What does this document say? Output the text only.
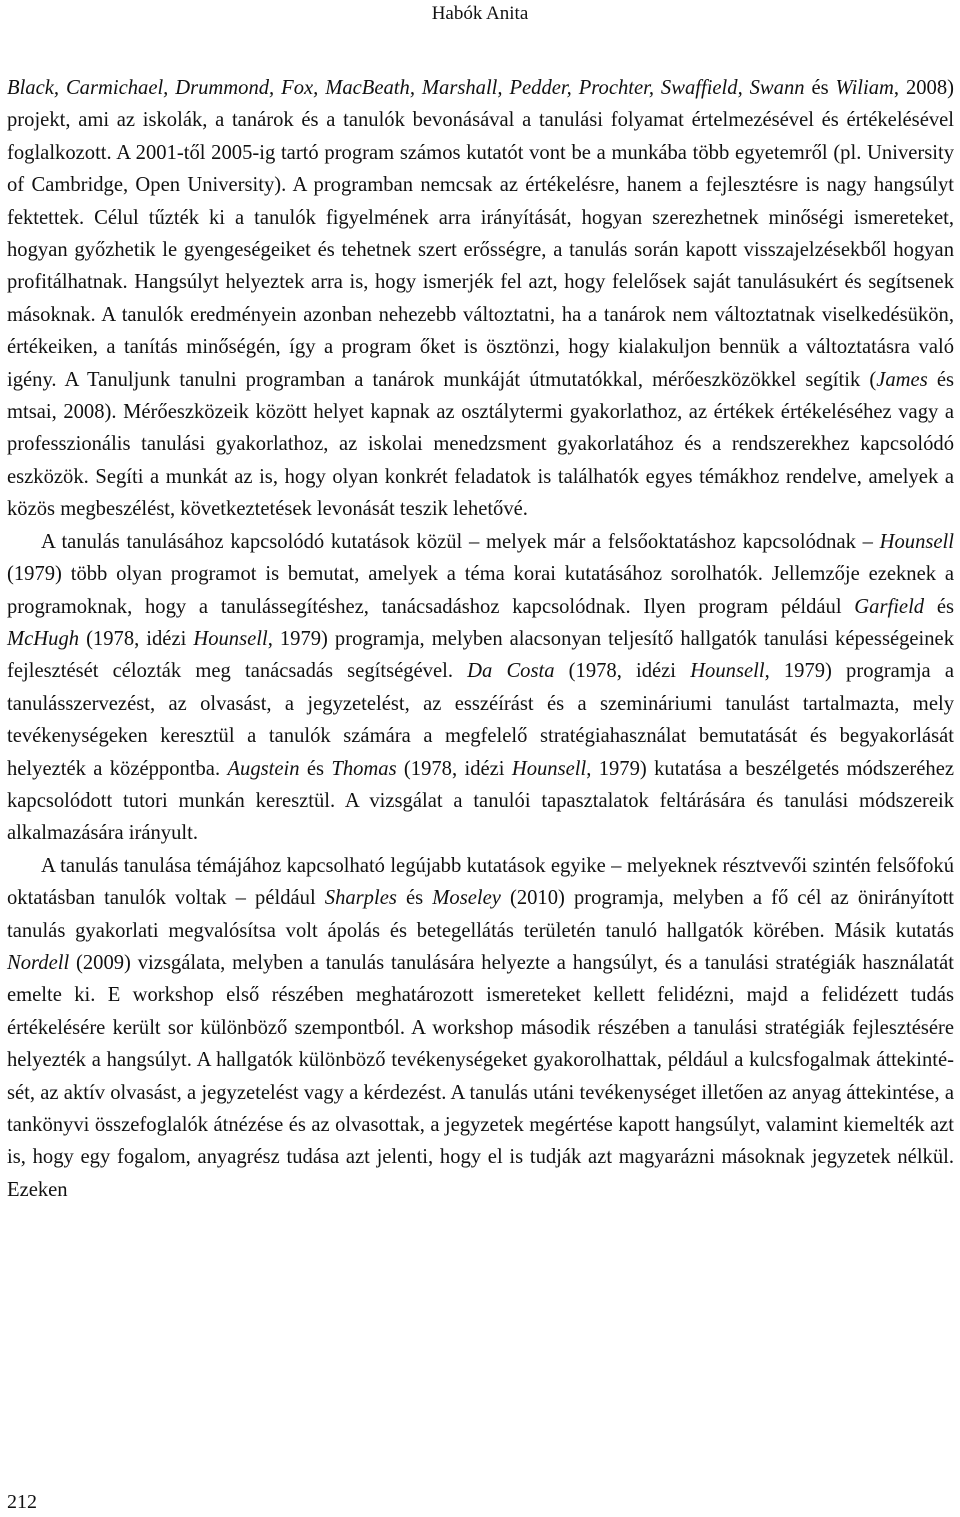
Habók Anita

Black, Carmichael, Drummond, Fox, MacBeath, Marshall, Pedder, Prochter, Swaffield, Swann és Wiliam, 2008) projekt, ami az iskolák, a tanárok és a tanulók bevonásával a tanulási folyamat értelmezésével és értékelésével foglalkozott. A 2001-től 2005-ig tartó program számos kutatót vont be a munkába több egyetemről (pl. University of Cambridge, Open University). A programban nemcsak az értékelésre, hanem a fejlesztésre is nagy hangsúlyt fektettek. Célul tűzték ki a tanulók figyelmének arra irányítását, hogyan szerezhetnek minőségi ismereteket, hogyan győzhetik le gyengeségeiket és tehetnek szert erősségre, a tanulás során kapott visszajelzésekből hogyan profitálhatnak. Hangsúlyt helyeztek arra is, hogy ismerjék fel azt, hogy felelősek saját tanulásukért és segítsenek másoknak. A tanulók eredményein azonban nehezebb változtatni, ha a tanárok nem változtatnak viselkedésükön, értékeiken, a tanítás minőségén, így a program őket is ösztönzi, hogy kialakuljon bennük a változtatásra való igény. A Tanuljunk tanulni programban a tanárok munkáját útmutatókkal, mérőeszközökkel segítik (James és mtsai, 2008). Mérőeszközeik között helyet kapnak az osztálytermi gyakorlathoz, az értékek értékeléséhez vagy a professzionális tanulási gyakorlathoz, az iskolai menedzsment gyakorlatához és a rendszerekhez kapcsolódó eszközök. Segíti a munkát az is, hogy olyan konkrét feladatok is találhatók egyes témákhoz rendelve, amelyek a közös megbeszélést, következtetések levonását teszik lehetővé.

A tanulás tanulásához kapcsolódó kutatások közül – melyek már a felsőoktatáshoz kapcsolódnak – Hounsell (1979) több olyan programot is bemutat, amelyek a téma korai kutatásához sorolhatók. Jellemzője ezeknek a programoknak, hogy a tanulássegítéshez, tanácsadáshoz kapcsolódnak. Ilyen program például Garfield és McHugh (1978, idézi Hounsell, 1979) programja, melyben alacsonyan teljesítő hallgatók tanulási képességeinek fejlesztését célozták meg tanácsadás segítségével. Da Costa (1978, idézi Hounsell, 1979) programja a tanulásszervezést, az olvasást, a jegyzetelést, az esszéírást és a szemináriumi tanulást tartalmazta, mely tevékenységeken keresztül a tanulók számára a megfelelő stratégiahasználat bemutatását és begyakorlását helyezték a középpontba. Augstein és Thomas (1978, idézi Hounsell, 1979) kutatása a beszélgetés módszeréhez kapcsolódott tutori munkán keresztül. A vizsgálat a tanulói tapasztalatok feltárására és tanulási módszereik alkalmazására irányult.

A tanulás tanulása témájához kapcsolható legújabb kutatások egyike – melyeknek résztvevői szintén felsőfokú oktatásban tanulók voltak – például Sharples és Moseley (2010) programja, melyben a fő cél az önirányított tanulás gyakorlati megvalósítsa volt ápolás és betegellátás területén tanuló hallgatók körében. Másik kutatás Nordell (2009) vizsgálata, melyben a tanulás tanulására helyezte a hangsúlyt, és a tanulási stratégiák használatát emelte ki. E workshop első részében meghatározott ismereteket kellett felidézni, majd a felidézett tudás értékelésére került sor különböző szempontból. A workshop második részében a tanulási stratégiák fejlesztésére helyezték a hangsúlyt. A hallgatók különböző tevékenységeket gyakorolhattak, például a kulcsfogalmak áttekintését, az aktív olvasást, a jegyzetelést vagy a kérdezést. A tanulás utáni tevékenységet illetően az anyag áttekintése, a tankönyvi összefoglalók átnézése és az olvasottak, a jegyzetek megértése kapott hangsúlyt, valamint kiemelték azt is, hogy egy fogalom, anyagrész tudása azt jelenti, hogy el is tudják azt magyarázni másoknak jegyzetek nélkül. Ezeken

212
